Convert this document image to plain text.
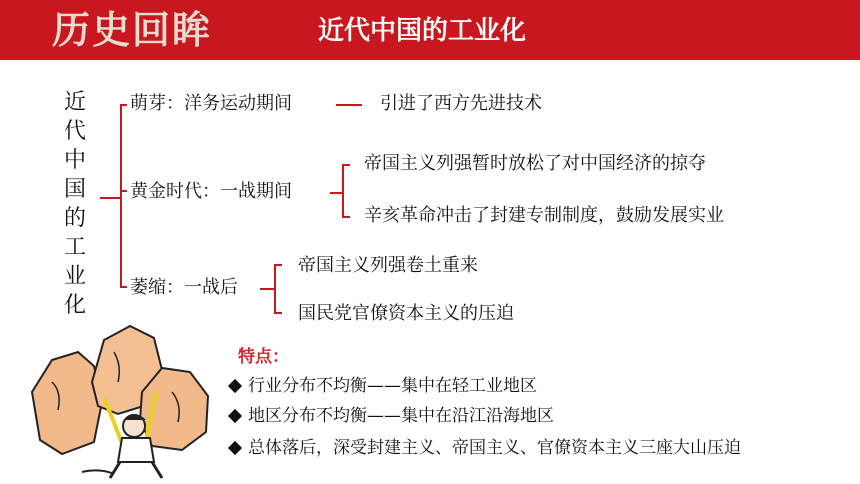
历史回眸	近代中国的工业化
近
代
中
国
的
工
业
化
萌芽：洋务运动期间	引进了西方先进技术
黄金时代：一战期间
帝国主义列强暂时放松了对中国经济的掠夺
辛亥革命冲击了封建专制制度，鼓励发展实业
萎缩：一战后
帝国主义列强卷土重来
国民党官僚资本主义的压迫
特点：
行业分布不均衡——集中在轻工业地区
地区分布不均衡——集中在沿江沿海地区
总体落后，深受封建主义、帝国主义、官僚资本主义三座大山压迫
